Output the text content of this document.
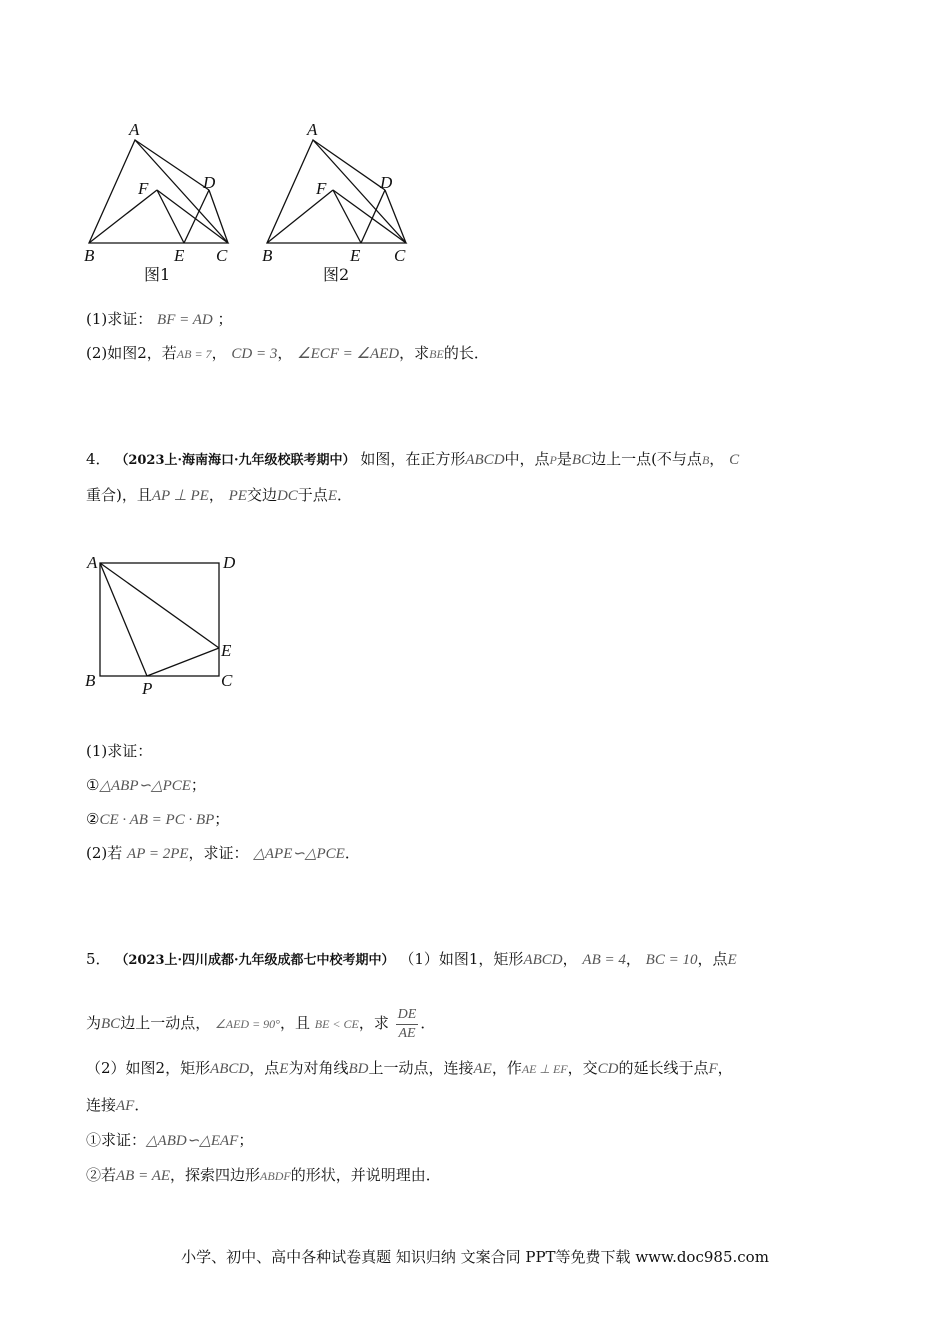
A
B	C
D
E
F
A
B	C
D
E
F
图1	图2
(1)求证： BF = AD ；
(2)如图2，若AB = 7， CD = 3， ∠ECF = ∠AED，求BE的长．
4． （2023上·海南海口·九年级校联考期中） 如图，在正方形ABCD中，点P是BC边上一点(不与点B， C
重合)，且AP ⊥ PE， PE交边DC于点E．
A	D
B	C
P
E
(1)求证：
①△ABP∽△PCE；
②CE · AB = PC · BP；
(2)若 AP = 2PE，求证： △APE∽△PCE．
5． （2023上·四川成都·九年级成都七中校考期中） （1）如图1，矩形ABCD， AB = 4， BC = 10，点E
为BC边上一动点， ∠AED = 90°，且 BE < CE，求 $\frac{DE}{AE}$ ．
（2）如图2，矩形ABCD，点E为对角线BD上一动点，连接AE，作AE ⊥ EF，交CD的延长线于点F，
连接AF．
①求证：△ABD∽△EAF；
②若AB = AE，探索四边形ABDF的形状，并说明理由．
小学、初中、高中各种试卷真题 知识归纳 文案合同 PPT等免费下载 www.doc985.com
